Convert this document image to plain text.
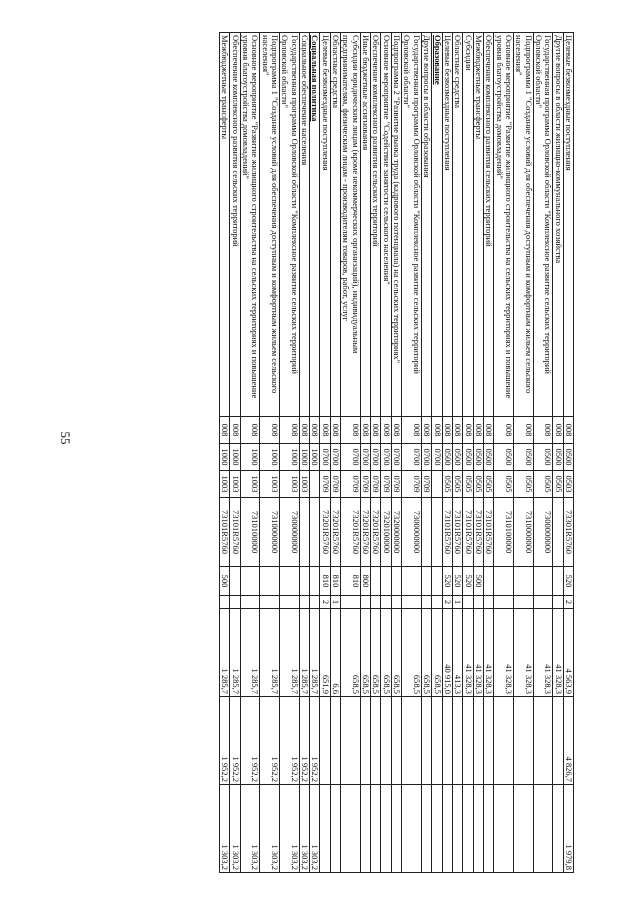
55
Целевые безвозмездные поступления	008	0500	0503	73301R5760	520	2	4 563,9	4 826,7	1 979,8
Другие вопросы в области жилищно-коммунального хозяйства	008	0500	0505				41 328,3		
Государственная программа Орловской области "Комплексное развитие сельских территорий Орловской области"	008	0500	0505	7300000000			41 328,3		
Подпрограмма 1 "Создание условий для обеспечения доступным и комфортным жильем сельского населения"	008	0500	0505	7310000000			41 328,3		
Основное мероприятие "Развитие жилищного строительства на сельских территориях и повышение уровня благоустройства домовладений"	008	0500	0505	7310100000			41 328,3		
Обеспечение комплексного развития сельских территорий	008	0500	0505	73101R5760			41 328,3		
Межбюджетные трансферты	008	0500	0505	73101R5760	500		41 328,3		
Субсидии	008	0500	0505	73101R5760	520		41 328,3		
Областные средства	008	0500	0505	73101R5760	520	1	413,3		
Целевые безвозмездные поступления	008	0500	0505	73101R5760	520	2	40 915,0		
Образование	008	0700					658,5		
Другие вопросы в области образования	008	0700	0709				658,5		
Государственная программа Орловской области "Комплексное развитие сельских территорий Орловской области"	008	0700	0709	7300000000			658,5		
Подпрограмма 2 "Развитие рынка труда (кадрового потенциала) на сельских территориях"	008	0700	0709	7320000000			658,5		
Основное мероприятие "Содействие занятости сельского населения"	008	0700	0709	7320100000			658,5		
Обеспечение комплексного развития сельских территорий	008	0700	0709	73201R5760			658,5		
Иные бюджетные ассигнования	008	0700	0709	73201R5760	800		658,5		
Субсидии юридическим лицам (кроме некоммерческих организаций), индивидуальным предпринимателям, физическим лицам - производителям товаров, работ, услуг	008	0700	0709	73201R5760	810		658,5		
Областные средства	008	0700	0709	73201R5760	810	1	6,6		
Целевые безвозмездные поступления	008	0700	0709	73201R5760	810	2	651,9		
Социальная политика	008	1000					1 285,7	1 952,2	1 303,2
Социальное обеспечение населения	008	1000	1003				1 285,7	1 952,2	1 303,2
Государственная программа Орловской области "Комплексное развитие сельских территорий Орловской области"	008	1000	1003	7300000000			1 285,7	1 952,2	1 303,2
Подпрограмма 1 "Создание условий для обеспечения доступным и комфортным жильем сельского населения"	008	1000	1003	7310000000			1 285,7	1 952,2	1 303,2
Основное мероприятие "Развитие жилищного строительства на сельских территориях и повышение уровня благоустройства домовладений"	008	1000	1003	7310100000			1 285,7	1 952,2	1 303,2
Обеспечение комплексного развития сельских территорий	008	1000	1003	73101R5760			1 285,7	1 952,2	1 303,2
Межбюджетные трансферты	008	1000	1003	73101R5760	500		1 285,7	1 952,2	1 303,2
